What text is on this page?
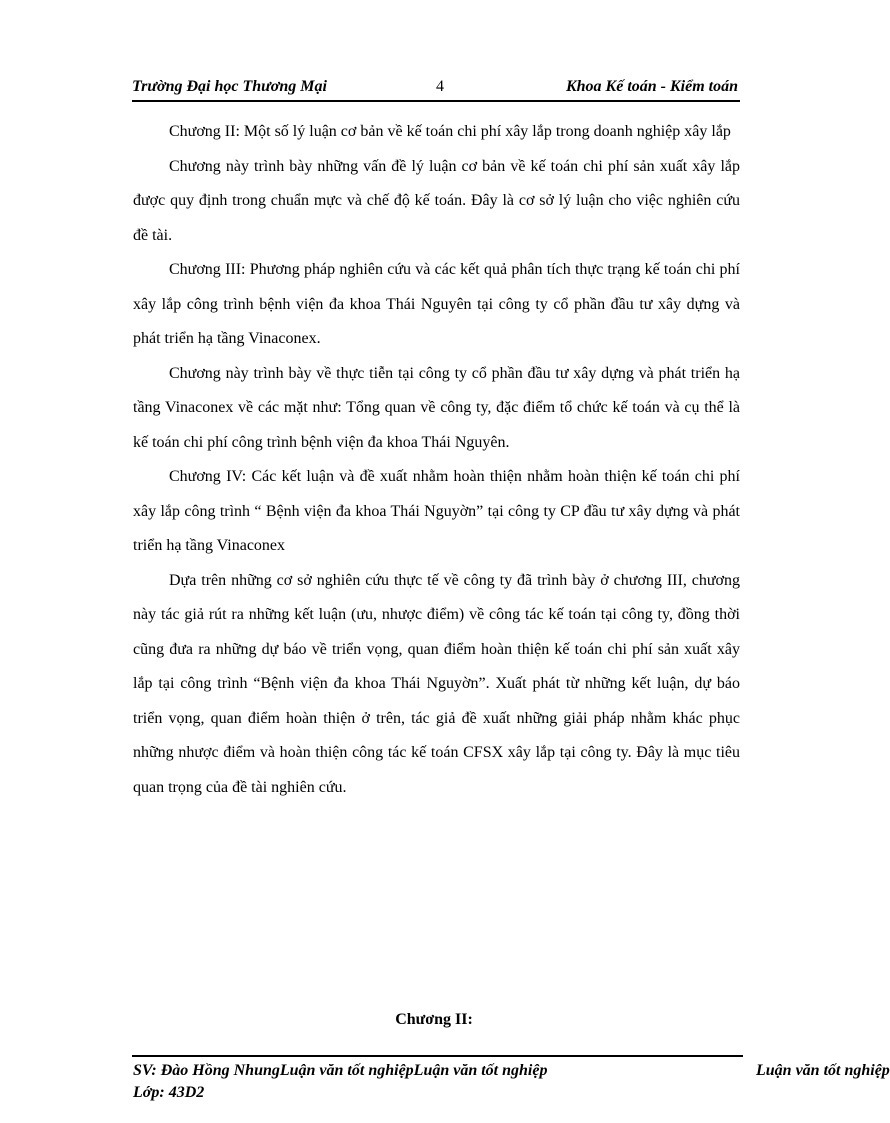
Trường Đại học Thương Mại	4	Khoa Kế toán - Kiểm toán

Chương II: Một số lý luận cơ bản về kế toán chi phí xây lắp trong doanh nghiệp xây lắp

Chương này trình bày những vấn đề lý luận cơ bản về kế toán chi phí sản xuất xây lắp được quy định trong chuẩn mực và chế độ kế toán. Đây là cơ sở lý luận cho việc nghiên cứu đề tài.

Chương III: Phương pháp nghiên cứu và các kết quả phân tích thực trạng kế toán chi phí xây lắp công trình bệnh viện đa khoa Thái Nguyên tại công ty cổ phần đầu tư xây dựng và phát triển hạ tầng Vinaconex.

Chương này trình bày về thực tiễn tại công ty cổ phần đầu tư xây dựng và phát triển hạ tầng Vinaconex về các mặt như: Tổng quan về công ty, đặc điểm tổ chức kế toán và cụ thể là kế toán chi phí công trình bệnh viện đa khoa Thái Nguyên.

Chương IV: Các kết luận và đề xuất nhằm hoàn thiện nhằm hoàn thiện kế toán chi phí xây lắp công trình “ Bệnh viện đa khoa Thái Nguyờn” tại công ty CP đầu tư xây dựng và phát triển hạ tầng Vinaconex

Dựa trên những cơ sở nghiên cứu thực tế về công ty đã trình bày ở chương III, chương này tác giả rút ra những kết luận (ưu, nhược điểm) về công tác kế toán tại công ty, đồng thời cũng đưa ra những dự báo về triển vọng, quan điểm hoàn thiện kế toán chi phí sản xuất xây lắp tại công trình “Bệnh viện đa khoa Thái Nguyờn”. Xuất phát từ những kết luận, dự báo triển vọng, quan điểm hoàn thiện ở trên, tác giả đề xuất những giải pháp nhằm khác phục những nhược điểm và hoàn thiện công tác kế toán CFSX xây lắp tại công ty. Đây là mục tiêu quan trọng của đề tài nghiên cứu.

Chương II:
SV: Đào Hồng NhungLuận văn tốt nghiệpLuận văn tốt nghiệp
Lớp: 43D2
Luận văn tốt nghiệp
